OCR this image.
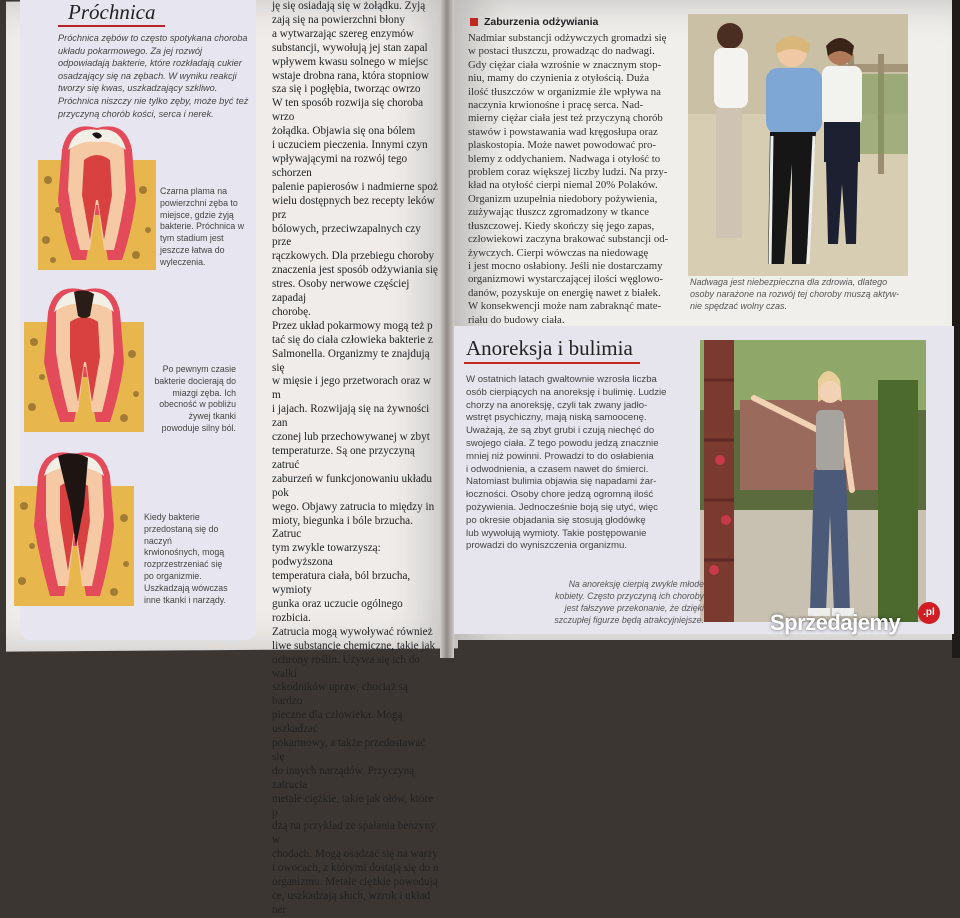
Próchnica
Próchnica zębów to często spotykana choroba układu pokarmowego. Za jej rozwój odpowiadają bakterie, które rozkładają cukier osadzający się na zębach. W wyniku reakcji tworzy się kwas, uszkadzający szkliwo. Próchnica niszczy nie tylko zęby, może być też przyczyną chorób kości, serca i nerek.
Czarna plama na powierzchni zęba to miejsce, gdzie żyją bakterie. Próchnica w tym stadium jest jeszcze łatwa do wyleczenia.
Po pewnym czasie bakterie docierają do miazgi zęba. Ich obecność w pobliżu żywej tkanki powoduje silny ból.
Kiedy bakterie przedostaną się do naczyń krwionośnych, mogą rozprzestrzeniać się po organizmie. Uszkadzają wówczas inne tkanki i narządy.
ję się osiadają się w żołądku. Zyją
zają się na powierzchni błony
a wytwarzając szereg enzymów
substancji, wywołują jej stan zapal
wpływem kwasu solnego w miejsc
wstaje drobna rana, która stopniow
sza się i pogłębia, tworząc owrzo
W ten sposób rozwija się choroba wrzo
żołądka. Objawia się ona bólem
i uczuciem pieczenia. Innymi czyn
wpływającymi na rozwój tego schorzen
palenie papierosów i nadmierne spoż
wielu dostępnych bez recepty leków prz
bólowych, przeciwzapalnych czy prze
rączkowych. Dla przebiegu choroby
znaczenia jest sposób odżywiania się
stres. Osoby nerwowe częściej zapadaj
chorobę.
Przez układ pokarmowy mogą też p
tać się do ciała człowieka bakterie z
Salmonella. Organizmy te znajdują się
w mięsie i jego przetworach oraz w m
i jajach. Rozwijają się na żywności zan
czonej lub przechowywanej w zbyt
temperaturze. Są one przyczyną zatruć
zaburzeń w funkcjonowaniu układu pok
wego. Objawy zatrucia to między in
mioty, biegunka i bóle brzucha. Zatruc
tym zwykle towarzyszą: podwyższona
temperatura ciała, ból brzucha, wymioty
gunka oraz uczucie ogólnego rozbicia.
Zatrucia mogą wywoływać również
liwe substancje chemiczne, takie jak
ochrony roślin. Używa się ich do walki
szkodników upraw, chociaż są bardzo
pieczne dla człowieka. Mogą uszkadzać
pokarmowy, a także przedostawać się
do innych narządów. Przyczyną zatrucia
metale ciężkie, takie jak ołów, które p
dzą na przykład ze spalania benzyny w
chodach. Mogą osadzać się na warzy
i owocach, z którymi dostają się do n
organizmu. Metale ciężkie powodują
ce, uszkadzają słuch, wzrok i układ ner
Zaburzenia odżywiania
Nadmiar substancji odżywczych gromadzi się
w postaci tłuszczu, prowadząc do nadwagi.
Gdy ciężar ciała wzrośnie w znacznym stop-
niu, mamy do czynienia z otyłością. Duża
ilość tłuszczów w organizmie źle wpływa na
naczynia krwionośne i pracę serca. Nad-
mierny ciężar ciała jest też przyczyną chorób
stawów i powstawania wad kręgosłupa oraz
plaskostopia. Może nawet powodować pro-
blemy z oddychaniem. Nadwaga i otyłość to
problem coraz większej liczby ludzi. Na przy-
kład na otyłość cierpi niemal 20% Polaków.
Organizm uzupełnia niedobory pożywienia,
zużywając tłuszcz zgromadzony w tkance
tłuszczowej. Kiedy skończy się jego zapas,
człowiekowi zaczyna brakować substancji od-
żywczych. Cierpi wówczas na niedowagę
i jest mocno osłabiony. Jeśli nie dostarczamy
organizmowi wystarczającej ilości węglowo-
danów, pozyskuje on energię nawet z białek.
W konsekwencji może nam zabraknąć mate-
riału do budowy ciała.
Nadwaga jest niebezpieczna dla zdrowia, dlatego
osoby narażone na rozwój tej choroby muszą aktyw-
nie spędzać wolny czas.
Anoreksja i bulimia
W ostatnich latach gwałtownie wzrosła liczba
osób cierpiących na anoreksję i bulimię. Ludzie
chorzy na anoreksję, czyli tak zwany jadło-
wstręt psychiczny, mają niską samoocenę.
Uważają, że są zbyt grubi i czują niechęć do
swojego ciała. Z tego powodu jedzą znacznie
mniej niż powinni. Prowadzi to do osłabienia
i odwodnienia, a czasem nawet do śmierci.
Natomiast bulimia objawia się napadami żar-
łoczności. Osoby chore jedzą ogromną ilość
pożywienia. Jednocześnie boją się utyć, więc
po okresie objadania się stosują głodówkę
lub wywołują wymioty. Takie postępowanie
prowadzi do wyniszczenia organizmu.
Na anoreksję cierpią zwykle młode
kobiety. Często przyczyną ich choroby
jest fałszywe przekonanie, że dzięki
szczupłej figurze będą atrakcyjniejsze.	Sprzedajemy	.pl
